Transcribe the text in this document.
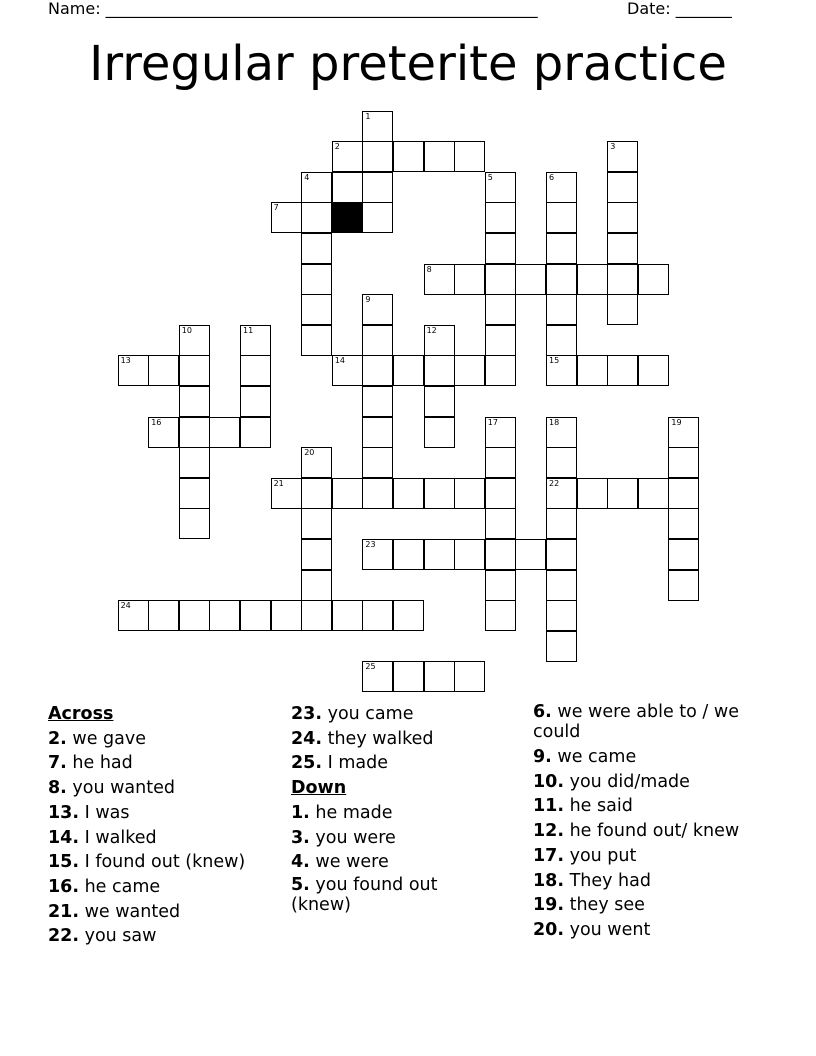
Name: ______________________________________________________	Date: _______
Irregular preterite practice
1
2	3
4	5	6
7
8
9
10	11	12
13	14	15
16	17	18	19
20
21	22
23
24
25
Across
2. we gave
7. he had
8. you wanted
13. I was
14. I walked
15. I found out (knew)
16. he came
21. we wanted
22. you saw
23. you came
24. they walked
25. I made
Down
1. he made
3. you were
4. we were
5. you found out (knew)
6. we were able to / we could
9. we came
10. you did/made
11. he said
12. he found out/ knew
17. you put
18. They had
19. they see
20. you went
